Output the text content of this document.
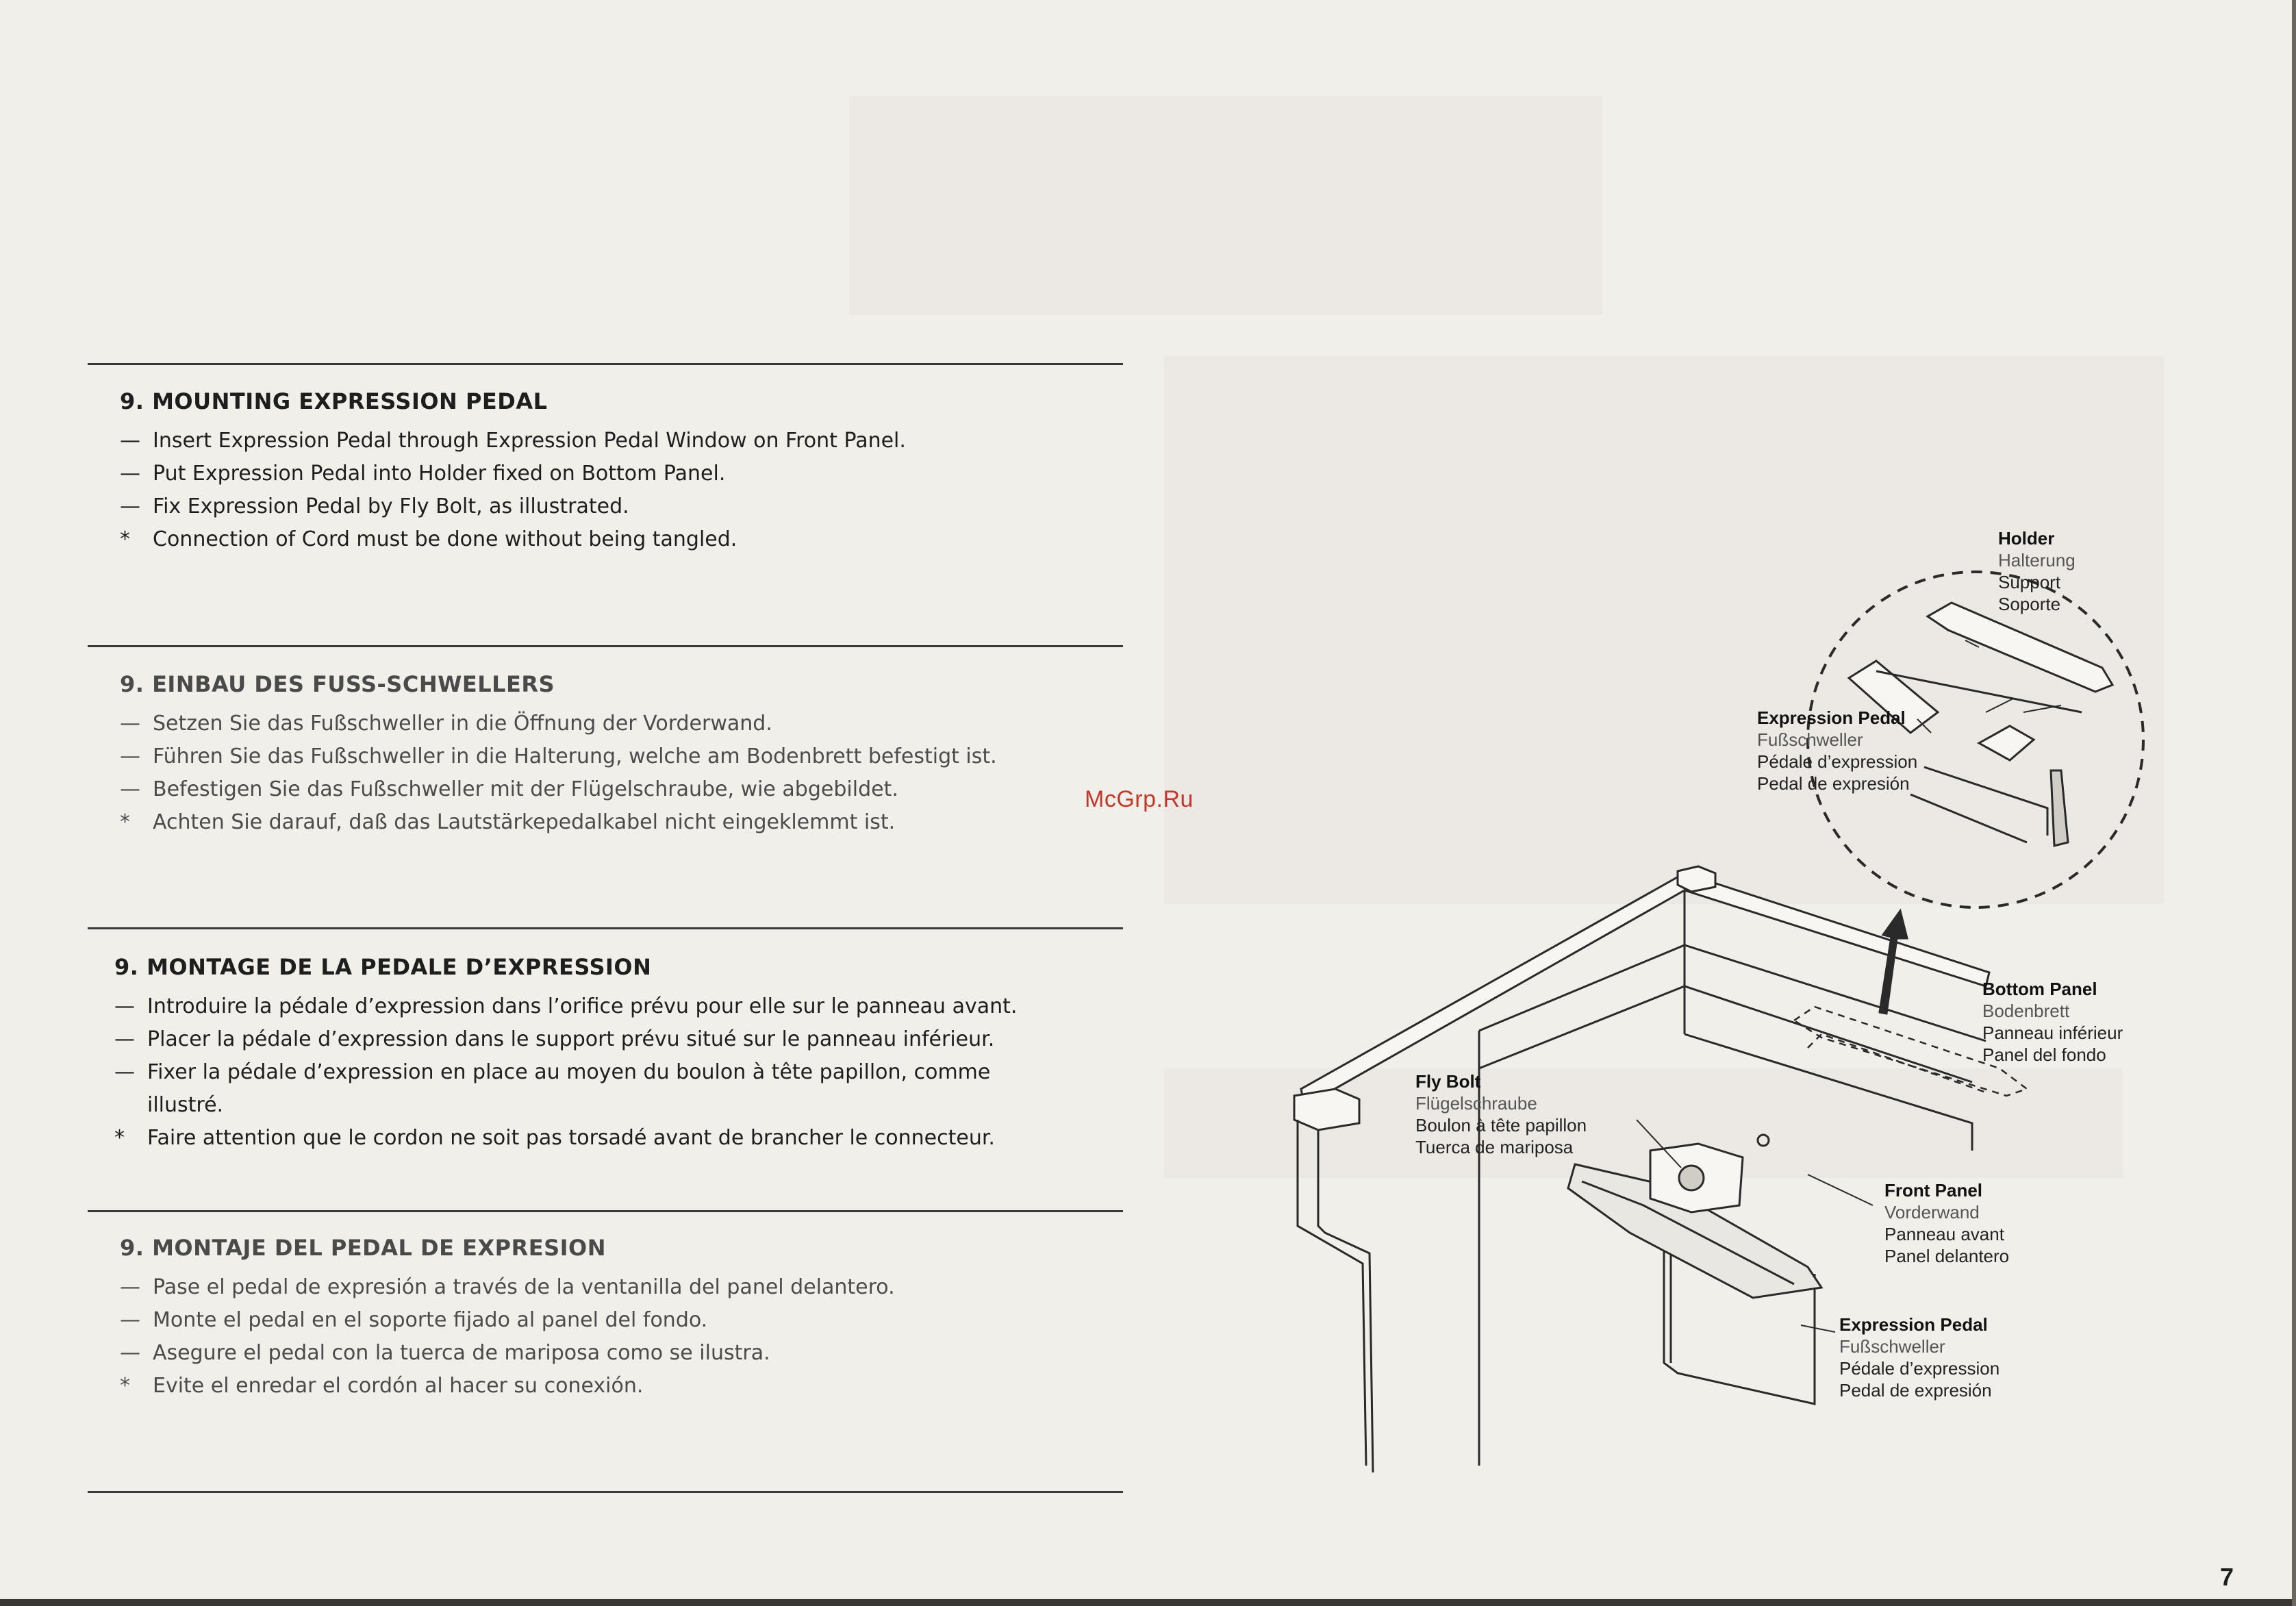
9. MOUNTING EXPRESSION PEDAL
— Insert Expression Pedal through Expression Pedal Window on Front Panel.
— Put Expression Pedal into Holder fixed on Bottom Panel.
— Fix Expression Pedal by Fly Bolt, as illustrated.
*	Connection of Cord must be done without being tangled.
9. EINBAU DES FUSS-SCHWELLERS
— Setzen Sie das Fußschweller in die Öffnung der Vorderwand.
— Führen Sie das Fußschweller in die Halterung, welche am Bodenbrett befestigt ist.
— Befestigen Sie das Fußschweller mit der Flügelschraube, wie abgebildet.
*	Achten Sie darauf, daß das Lautstärkepedalkabel nicht eingeklemmt ist.
9. MONTAGE DE LA PEDALE D’EXPRESSION
— Introduire la pédale d’expression dans l’orifice prévu pour elle sur le panneau avant.
— Placer la pédale d’expression dans le support prévu situé sur le panneau inférieur.
— Fixer la pédale d’expression en place au moyen du boulon à tête papillon, comme
illustré.
*	Faire attention que le cordon ne soit pas torsadé avant de brancher le connecteur.
9. MONTAJE DEL PEDAL DE EXPRESION
— Pase el pedal de expresión a través de la ventanilla del panel delantero.
— Monte el pedal en el soporte fijado al panel del fondo.
— Asegure el pedal con la tuerca de mariposa como se ilustra.
*	Evite el enredar el cordón al hacer su conexión.
McGrp.Ru
Holder
Halterung
Support
Soporte
Expression Pedal
Fußschweller
Pédale d’expression
Pedal de expresión
Bottom Panel
Bodenbrett
Panneau inférieur
Panel del fondo
Fly Bolt
Flügelschraube
Boulon à tête papillon
Tuerca de mariposa
Front Panel
Vorderwand
Panneau avant
Panel delantero
Expression Pedal
Fußschweller
Pédale d’expression
Pedal de expresión
7
